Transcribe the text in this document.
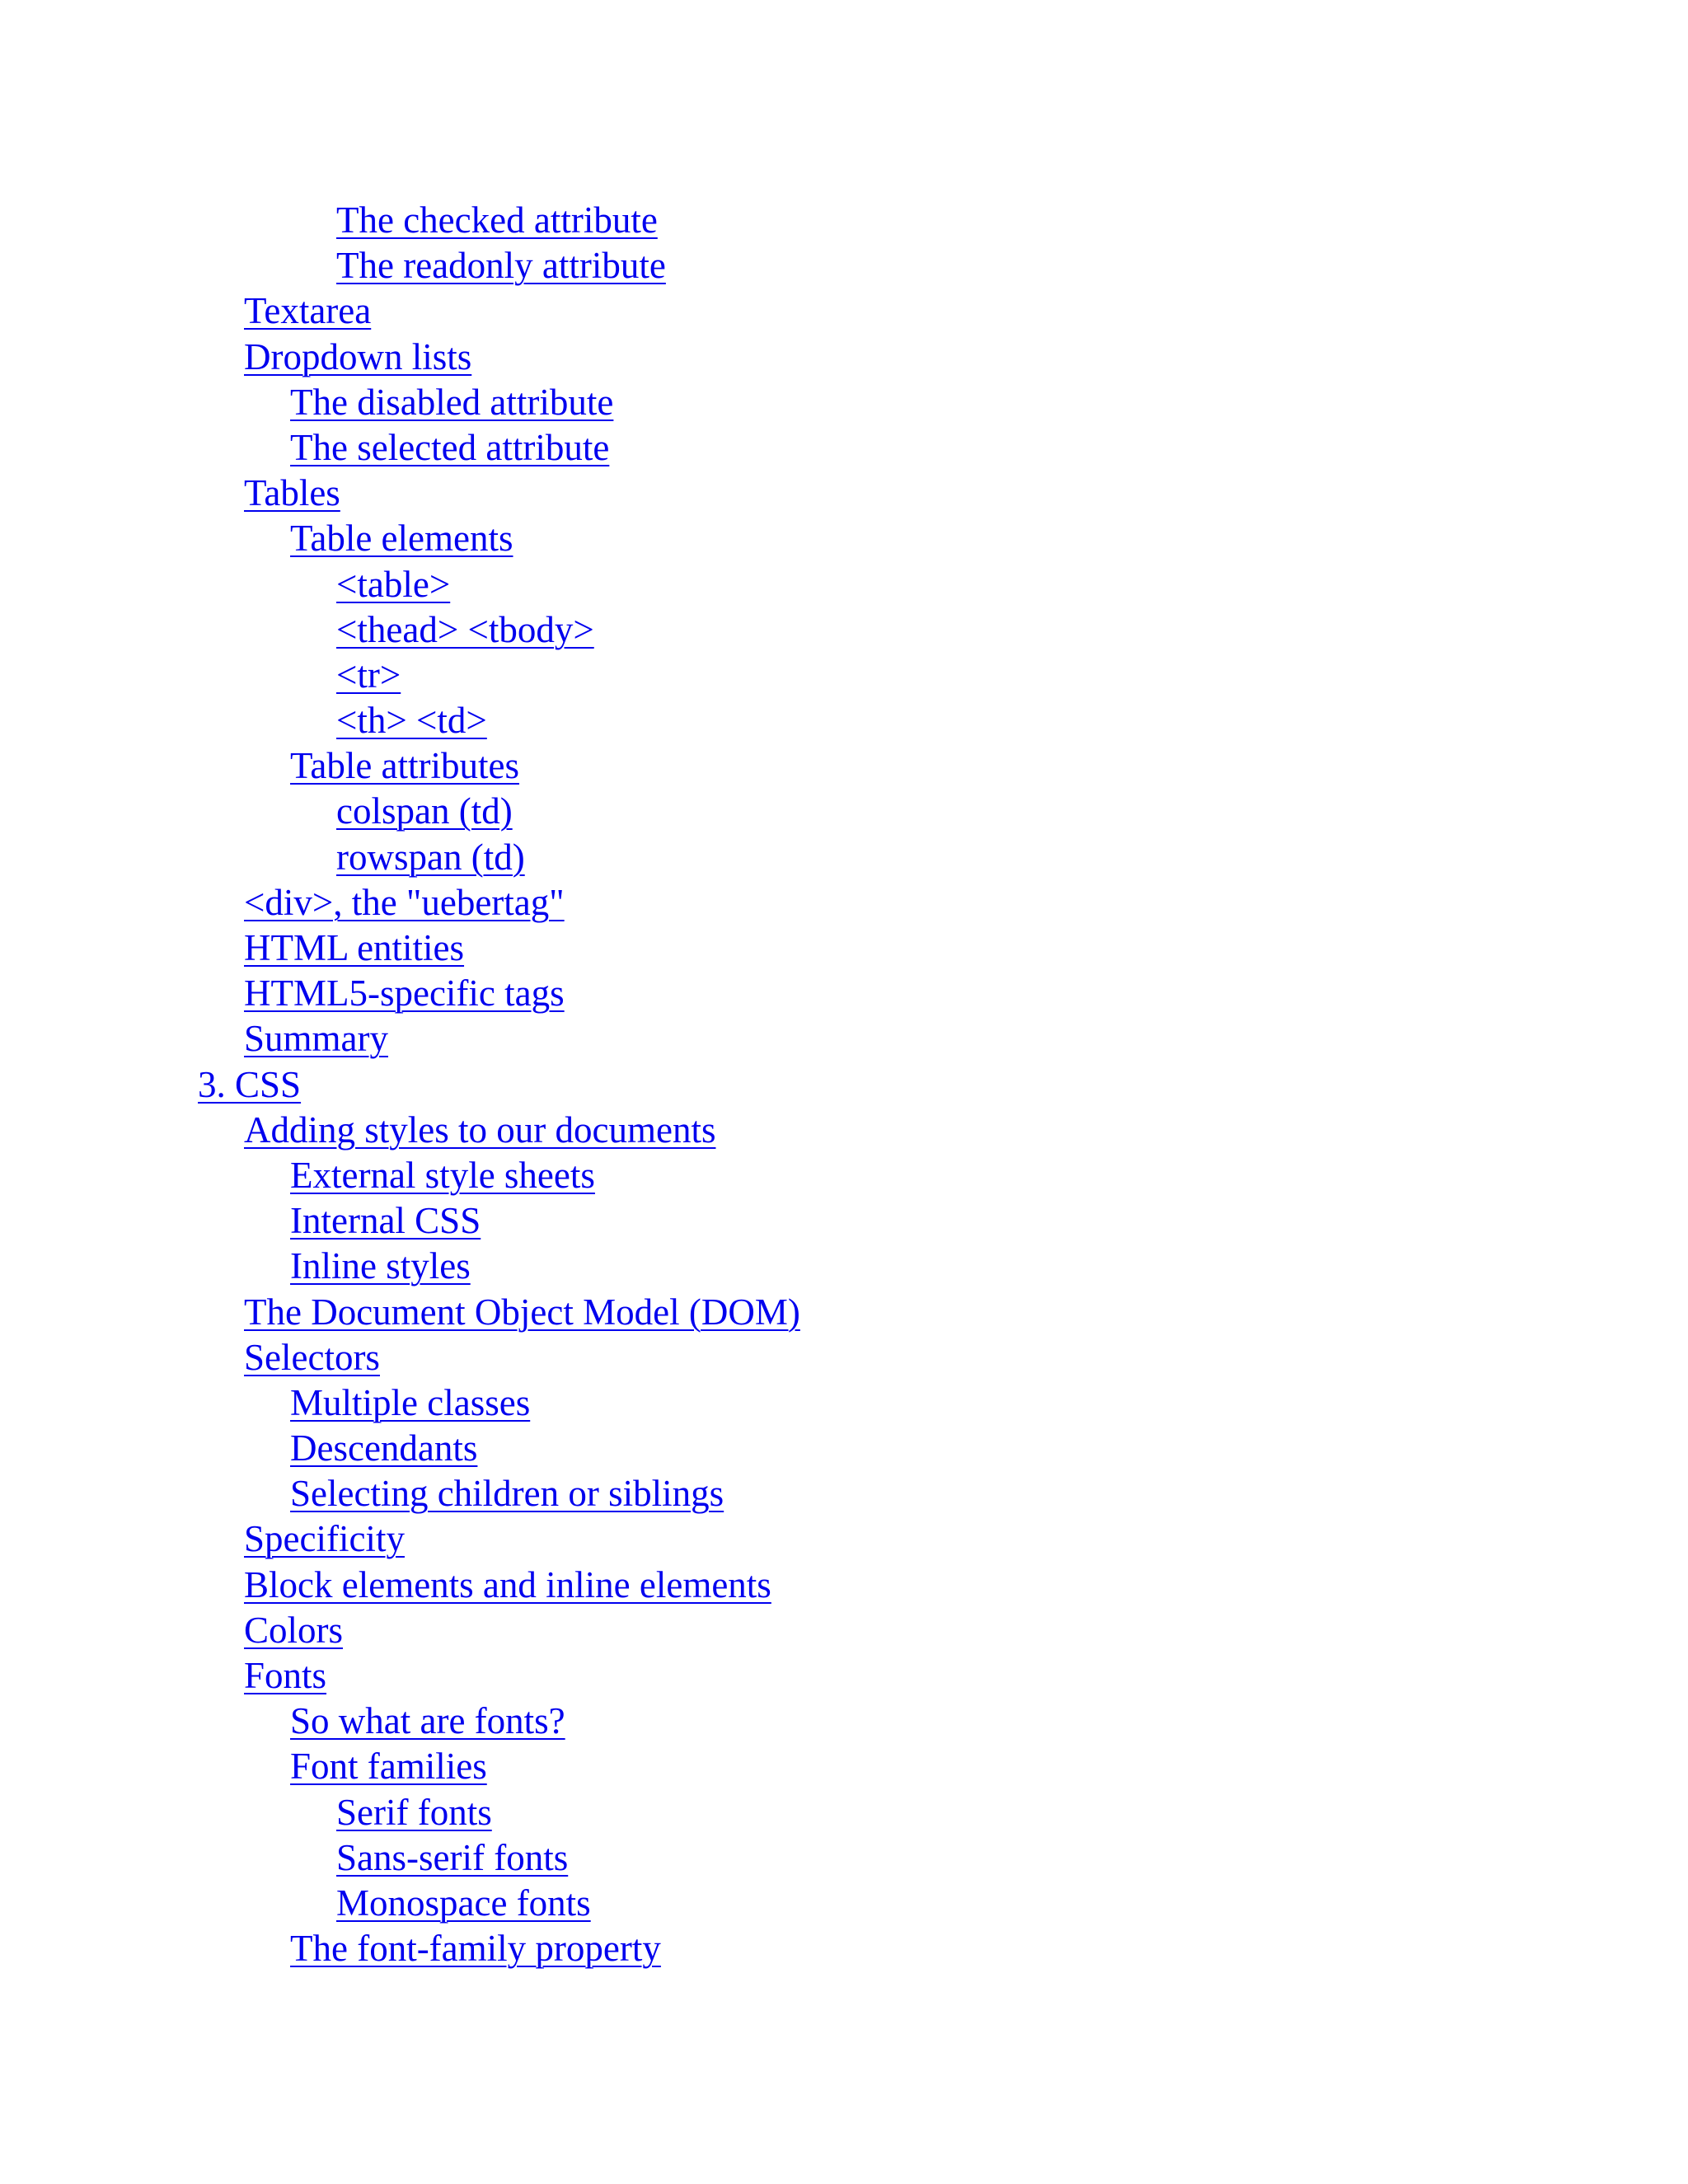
The checked attribute
The readonly attribute
Textarea
Dropdown lists
The disabled attribute
The selected attribute
Tables
Table elements
<table>
<thead> <tbody>
<tr>
<th> <td>
Table attributes
colspan (td)
rowspan (td)
<div>, the "uebertag"
HTML entities
HTML5-specific tags
Summary
3. CSS
Adding styles to our documents
External style sheets
Internal CSS
Inline styles
The Document Object Model (DOM)
Selectors
Multiple classes
Descendants
Selecting children or siblings
Specificity
Block elements and inline elements
Colors
Fonts
So what are fonts?
Font families
Serif fonts
Sans-serif fonts
Monospace fonts
The font-family property
